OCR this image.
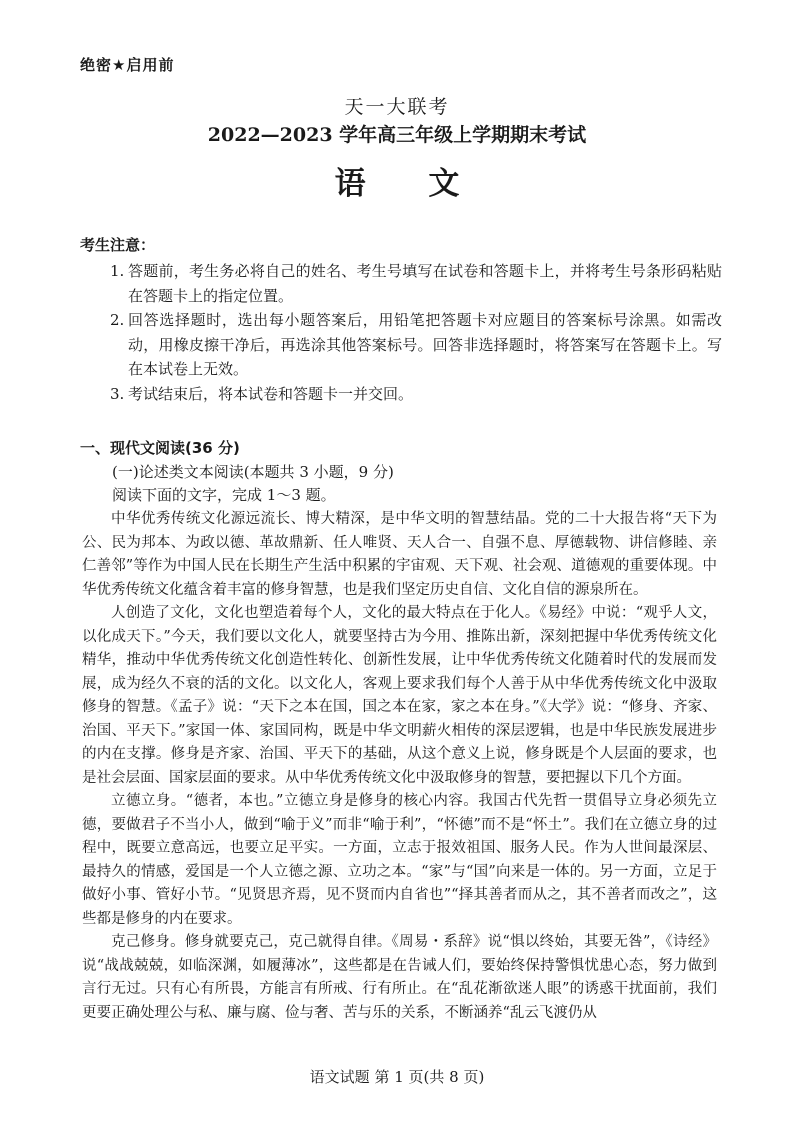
绝密★启用前
天一大联考
2022—2023 学年高三年级上学期期末考试
语 文
考生注意：
1. 答题前，考生务必将自己的姓名、考生号填写在试卷和答题卡上，并将考生号条形码粘贴在答题卡上的指定位置。
2. 回答选择题时，选出每小题答案后，用铅笔把答题卡对应题目的答案标号涂黑。如需改动，用橡皮擦干净后，再选涂其他答案标号。回答非选择题时，将答案写在答题卡上。写在本试卷上无效。
3. 考试结束后，将本试卷和答题卡一并交回。
一、现代文阅读(36 分)
(一)论述类文本阅读(本题共 3 小题，9 分)
阅读下面的文字，完成 1～3 题。

中华优秀传统文化源远流长、博大精深，是中华文明的智慧结晶。党的二十大报告将“天下为公、民为邦本、为政以德、革故鼎新、任人唯贤、天人合一、自强不息、厚德载物、讲信修睦、亲仁善邻”等作为中国人民在长期生产生活中积累的宇宙观、天下观、社会观、道德观的重要体现。中华优秀传统文化蕴含着丰富的修身智慧，也是我们坚定历史自信、文化自信的源泉所在。

人创造了文化，文化也塑造着每个人，文化的最大特点在于化人。《易经》中说：“观乎人文，以化成天下。”今天，我们要以文化人，就要坚持古为今用、推陈出新，深刻把握中华优秀传统文化精华，推动中华优秀传统文化创造性转化、创新性发展，让中华优秀传统文化随着时代的发展而发展，成为经久不衰的活的文化。以文化人，客观上要求我们每个人善于从中华优秀传统文化中汲取修身的智慧。《孟子》说：“天下之本在国，国之本在家，家之本在身。”《大学》说：“修身、齐家、治国、平天下。”家国一体、家国同构，既是中华文明薪火相传的深层逻辑，也是中华民族发展进步的内在支撑。修身是齐家、治国、平天下的基础，从这个意义上说，修身既是个人层面的要求，也是社会层面、国家层面的要求。从中华优秀传统文化中汲取修身的智慧，要把握以下几个方面。

立德立身。“德者，本也。”立德立身是修身的核心内容。我国古代先哲一贯倡导立身必须先立德，要做君子不当小人，做到“喻于义”而非“喻于利”，“怀德”而不是“怀土”。我们在立德立身的过程中，既要立意高远，也要立足平实。一方面，立志于报效祖国、服务人民。作为人世间最深层、最持久的情感，爱国是一个人立德之源、立功之本。“家”与“国”向来是一体的。另一方面，立足于做好小事、管好小节。“见贤思齐焉，见不贤而内自省也”“择其善者而从之，其不善者而改之”，这些都是修身的内在要求。

克己修身。修身就要克己，克己就得自律。《周易・系辞》说“惧以终始，其要无咎”，《诗经》说“战战兢兢，如临深渊，如履薄冰”，这些都是在告诫人们，要始终保持警惧忧患心态，努力做到言行无过。只有心有所畏，方能言有所戒、行有所止。在“乱花渐欲迷人眼”的诱惑干扰面前，我们更要正确处理公与私、廉与腐、俭与奢、苦与乐的关系，不断涵养“乱云飞渡仍从

语文试题 第 1 页(共 8 页)
